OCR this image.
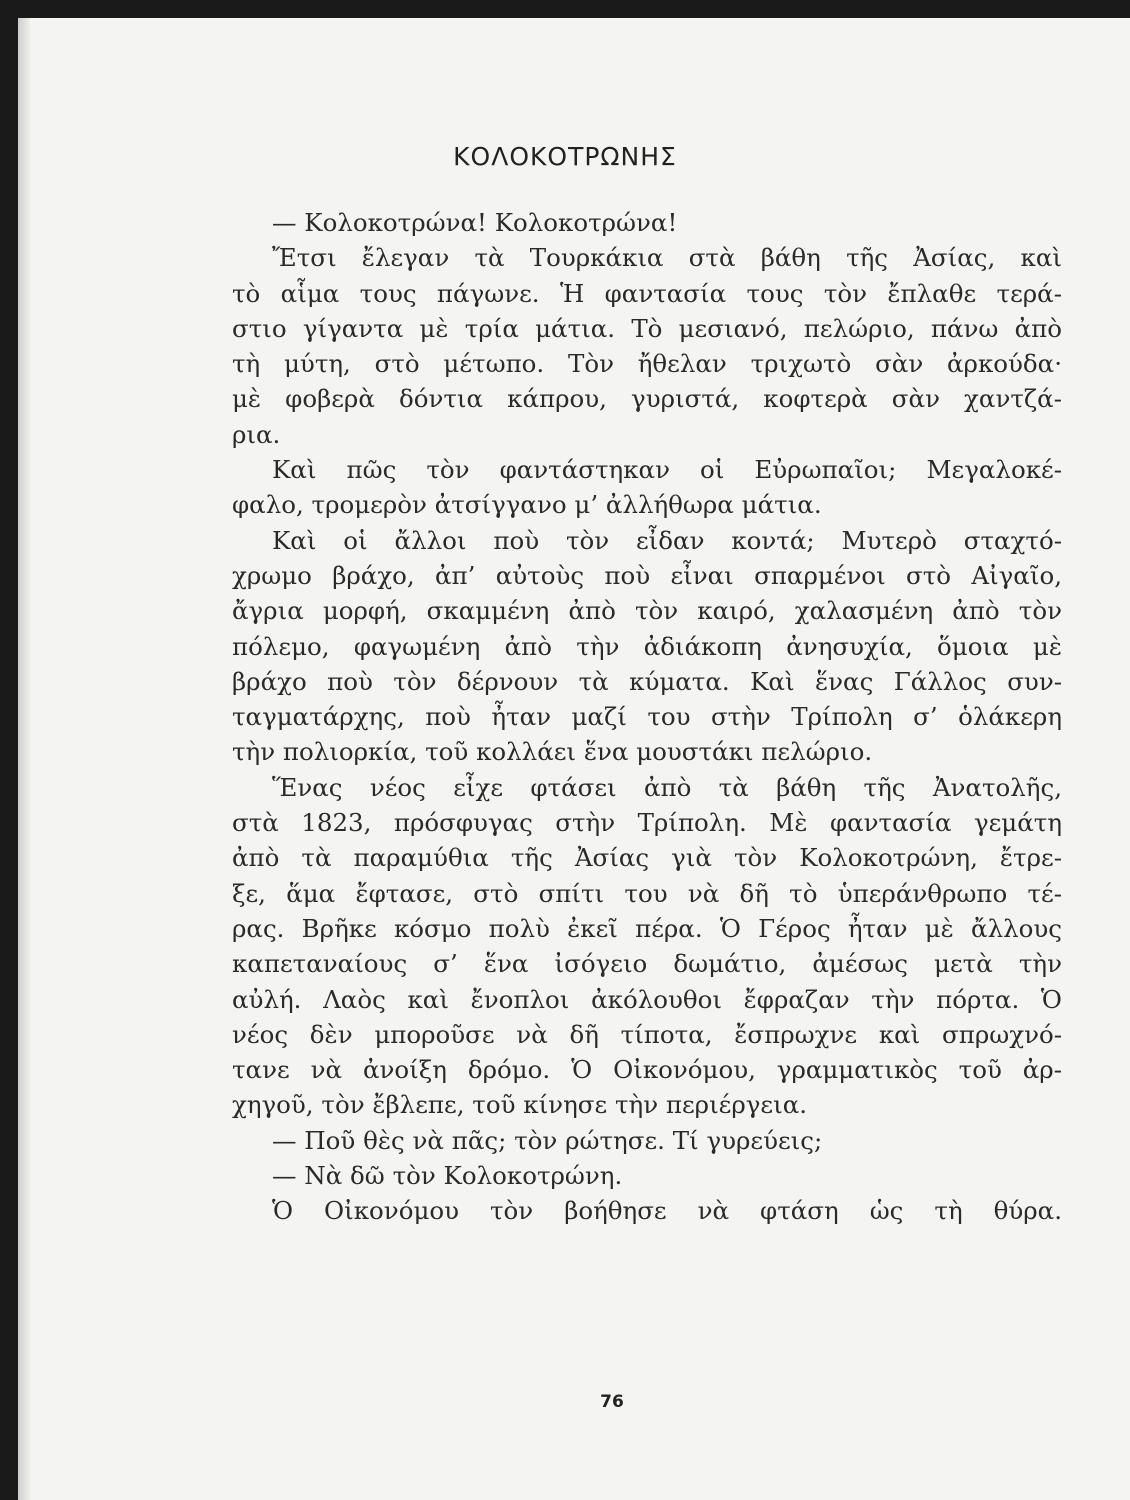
ΚΟΛΟΚΟΤΡΩΝΗΣ
— Κολοκοτρώνα! Κολοκοτρώνα!
Ἔτσι ἔλεγαν τὰ Τουρκάκια στὰ βάθη τῆς Ἀσίας, καὶ
τὸ αἷμα τους πάγωνε. Ἡ φαντασία τους τὸν ἔπλαθε τερά-
στιο γίγαντα μὲ τρία μάτια. Τὸ μεσιανό, πελώριο, πάνω ἀπὸ
τὴ μύτη, στὸ μέτωπο. Τὸν ἤθελαν τριχωτὸ σὰν ἀρκούδα·
μὲ φοβερὰ δόντια κάπρου, γυριστά, κοφτερὰ σὰν χαντζά-
ρια.
Καὶ πῶς τὸν φαντάστηκαν οἱ Εὐρωπαῖοι; Μεγαλοκέ-
φαλο, τρομερὸν ἀτσίγγανο μ’ ἀλλήθωρα μάτια.
Καὶ οἱ ἄλλοι ποὺ τὸν εἶδαν κοντά; Μυτερὸ σταχτό-
χρωμο βράχο, ἀπ’ αὐτοὺς ποὺ εἶναι σπαρμένοι στὸ Αἰγαῖο,
ἄγρια μορφή, σκαμμένη ἀπὸ τὸν καιρό, χαλασμένη ἀπὸ τὸν
πόλεμο, φαγωμένη ἀπὸ τὴν ἀδιάκοπη ἀνησυχία, ὅμοια μὲ
βράχο ποὺ τὸν δέρνουν τὰ κύματα. Καὶ ἕνας Γάλλος συν-
ταγματάρχης, ποὺ ἦταν μαζί του στὴν Τρίπολη σ’ ὁλάκερη
τὴν πολιορκία, τοῦ κολλάει ἕνα μουστάκι πελώριο.
Ἕνας νέος εἶχε φτάσει ἀπὸ τὰ βάθη τῆς Ἀνατολῆς,
στὰ 1823, πρόσφυγας στὴν Τρίπολη. Μὲ φαντασία γεμάτη
ἀπὸ τὰ παραμύθια τῆς Ἀσίας γιὰ τὸν Κολοκοτρώνη, ἔτρε-
ξε, ἅμα ἔφτασε, στὸ σπίτι του νὰ δῆ τὸ ὑπεράνθρωπο τέ-
ρας. Βρῆκε κόσμο πολὺ ἐκεῖ πέρα. Ὁ Γέρος ἦταν μὲ ἄλλους
καπεταναίους σ’ ἕνα ἰσόγειο δωμάτιο, ἀμέσως μετὰ τὴν
αὐλή. Λαὸς καὶ ἔνοπλοι ἀκόλουθοι ἔφραζαν τὴν πόρτα. Ὁ
νέος δὲν μποροῦσε νὰ δῆ τίποτα, ἔσπρωχνε καὶ σπρωχνό-
τανε νὰ ἀνοίξη δρόμο. Ὁ Οἰκονόμου, γραμματικὸς τοῦ ἀρ-
χηγοῦ, τὸν ἔβλεπε, τοῦ κίνησε τὴν περιέργεια.
— Ποῦ θὲς νὰ πᾶς; τὸν ρώτησε. Τί γυρεύεις;
— Νὰ δῶ τὸν Κολοκοτρώνη.
Ὁ Οἰκονόμου τὸν βοήθησε νὰ φτάση ὡς τὴ θύρα.
76
